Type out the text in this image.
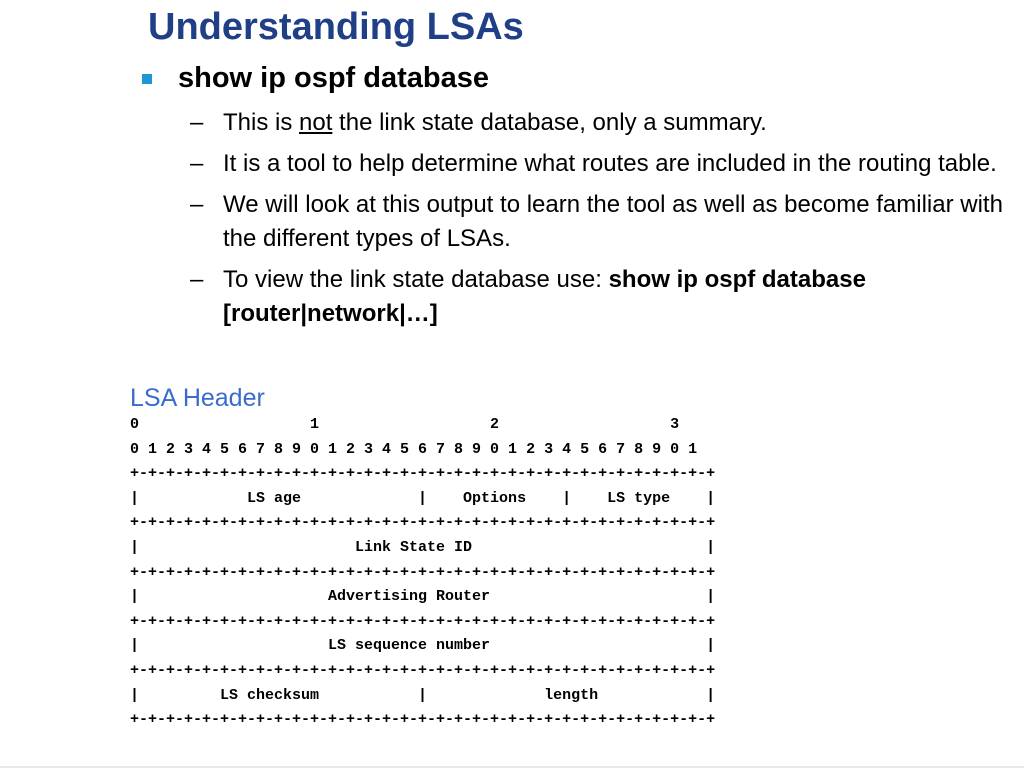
Understanding LSAs
show ip ospf database
– This is not the link state database, only a summary.
– It is a tool to help determine what routes are included in the routing table.
– We will look at this output to learn the tool as well as become familiar with the different types of LSAs.
– To view the link state database use: show ip ospf database [router|network|…]
LSA Header
0                   1                   2                   3
0 1 2 3 4 5 6 7 8 9 0 1 2 3 4 5 6 7 8 9 0 1 2 3 4 5 6 7 8 9 0 1
+-+-+-+-+-+-+-+-+-+-+-+-+-+-+-+-+-+-+-+-+-+-+-+-+-+-+-+-+-+-+-+-+
|            LS age             |    Options    |    LS type    |
+-+-+-+-+-+-+-+-+-+-+-+-+-+-+-+-+-+-+-+-+-+-+-+-+-+-+-+-+-+-+-+-+
|                        Link State ID                          |
+-+-+-+-+-+-+-+-+-+-+-+-+-+-+-+-+-+-+-+-+-+-+-+-+-+-+-+-+-+-+-+-+
|                     Advertising Router                        |
+-+-+-+-+-+-+-+-+-+-+-+-+-+-+-+-+-+-+-+-+-+-+-+-+-+-+-+-+-+-+-+-+
|                     LS sequence number                        |
+-+-+-+-+-+-+-+-+-+-+-+-+-+-+-+-+-+-+-+-+-+-+-+-+-+-+-+-+-+-+-+-+
|         LS checksum           |             length            |
+-+-+-+-+-+-+-+-+-+-+-+-+-+-+-+-+-+-+-+-+-+-+-+-+-+-+-+-+-+-+-+-+
